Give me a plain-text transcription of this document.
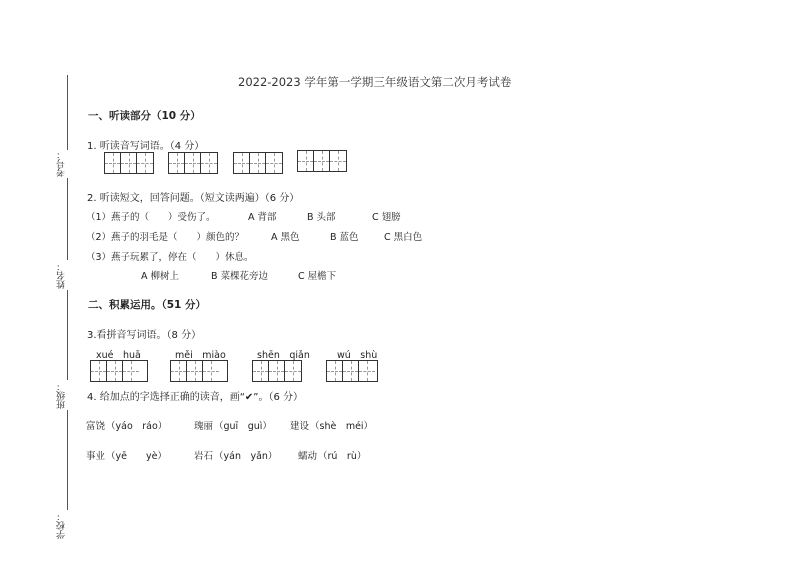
考号：
姓名：
班级：
学校：
2022-2023 学年第一学期三年级语文第二次月考试卷
一、听读部分（10 分）
1. 听读音写词语。（4 分）
2. 听读短文，回答问题。（短文读两遍）（6 分）
（1）燕子的（　　）受伤了。	A 背部	B 头部	C 翅膀
（2）燕子的羽毛是（　　）颜色的？	A 黑色	B 蓝色	C 黑白色
（3）燕子玩累了，停在（　　）休息。
A 柳树上	B 菜棵花旁边	C 屋檐下
二、积累运用。（51 分）
3.看拼音写词语。（8 分）
xué　huā	měi　miào	shēn　qiǎn	wú　shù
4. 给加点的字选择正确的读音，画“✔”。（6 分）
富饶 （yáo　ráo）	瑰丽 （guī　guì） 建设 （shè　méi）
事业 （yē　　yè）	岩石 （yán　yǎn） 蠕动 （rú　rù）
